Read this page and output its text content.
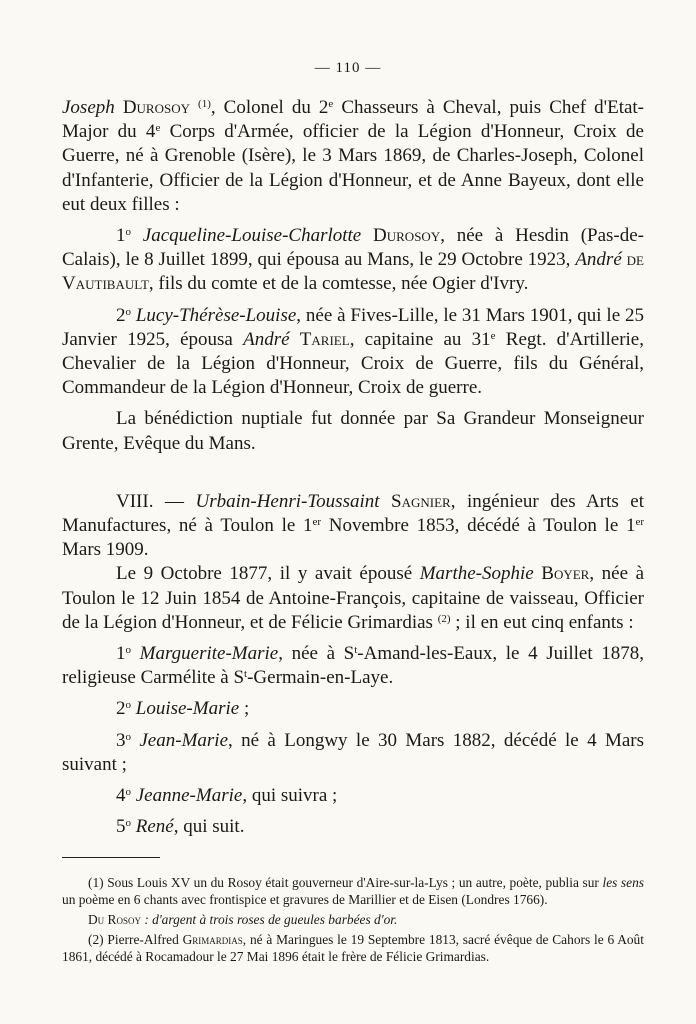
— 110 —

Joseph Durosoy $^{(1)}$, Colonel du 2e Chasseurs à Cheval, puis Chef d'Etat-Major du 4e Corps d'Armée, officier de la Légion d'Honneur, Croix de Guerre, né à Grenoble (Isère), le 3 Mars 1869, de Charles-Joseph, Colonel d'Infanterie, Officier de la Légion d'Honneur, et de Anne Bayeux, dont elle eut deux filles :

1$^o$ Jacqueline-Louise-Charlotte Durosoy, née à Hesdin (Pas-de-Calais), le 8 Juillet 1899, qui épousa au Mans, le 29 Octobre 1923, André de Vautibault, fils du comte et de la comtesse, née Ogier d'Ivry.

2$^o$ Lucy-Thérèse-Louise, née à Fives-Lille, le 31 Mars 1901, qui le 25 Janvier 1925, épousa André Tariel, capitaine au 31e Regt. d'Artillerie, Chevalier de la Légion d'Honneur, Croix de Guerre, fils du Général, Commandeur de la Légion d'Honneur, Croix de guerre.

La bénédiction nuptiale fut donnée par Sa Grandeur Monseigneur Grente, Evêque du Mans.

VIII. — Urbain-Henri-Toussaint Sagnier, ingénieur des Arts et Manufactures, né à Toulon le 1er Novembre 1853, décédé à Toulon le 1er Mars 1909.

Le 9 Octobre 1877, il y avait épousé Marthe-Sophie Boyer, née à Toulon le 12 Juin 1854 de Antoine-François, capitaine de vaisseau, Officier de la Légion d'Honneur, et de Félicie Grimardias $^{(2)}$ ; il en eut cinq enfants :

1$^o$ Marguerite-Marie, née à $S^t-Amand-les$-Eaux, le 4 Juillet 1878, religieuse Carmélite à $S^t-Germain-en$-Laye.

2$^o$ Louise-Marie ;

3$^o$ Jean-Marie, né à Longwy le 30 Mars 1882, décédé le 4 Mars suivant ;

4$^o$ Jeanne-Marie, qui suivra ;

5$^o$ René, qui suit.

(1) Sous Louis XV un du Rosoy était gouverneur d'Aire-sur-la-Lys ; un autre, poète, publia sur les sens un poème en 6 chants avec frontispice et gravures de Marillier et de Eisen (Londres 1766).

Du Rosoy : d'argent à trois roses de gueules barbées d'or.

(2) Pierre-Alfred Grimardias, né à Maringues le 19 Septembre 1813, sacré évêque de Cahors le 6 Août 1861, décédé à Rocamadour le 27 Mai 1896 était le frère de Félicie Grimardias.
